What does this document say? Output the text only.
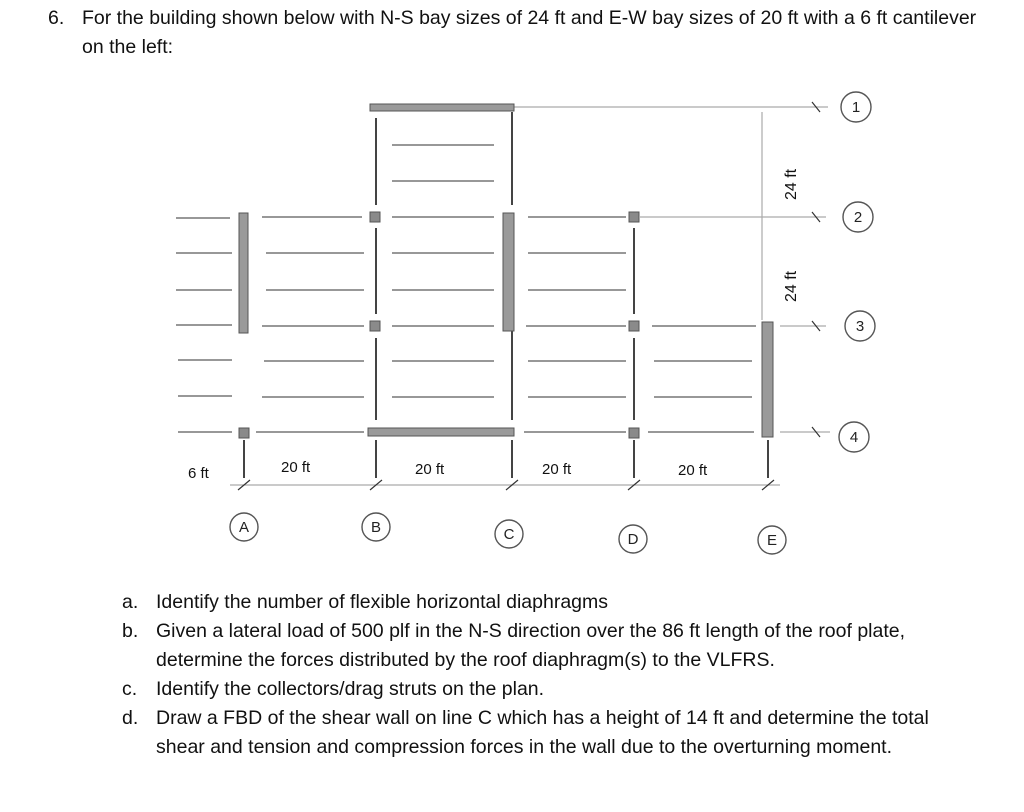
6. For the building shown below with N-S bay sizes of 24 ft and E-W bay sizes of 20 ft with a 6 ft cantilever on the left:
6 ft	20 ft	20 ft	20 ft	20 ft
24 ft
24 ft
A	B	C	D	E
1
2
3
4
a. Identify the number of flexible horizontal diaphragms
b. Given a lateral load of 500 plf in the N-S direction over the 86 ft length of the roof plate, determine the forces distributed by the roof diaphragm(s) to the VLFRS.
c. Identify the collectors/drag struts on the plan.
d. Draw a FBD of the shear wall on line C which has a height of 14 ft and determine the total shear and tension and compression forces in the wall due to the overturning moment.
